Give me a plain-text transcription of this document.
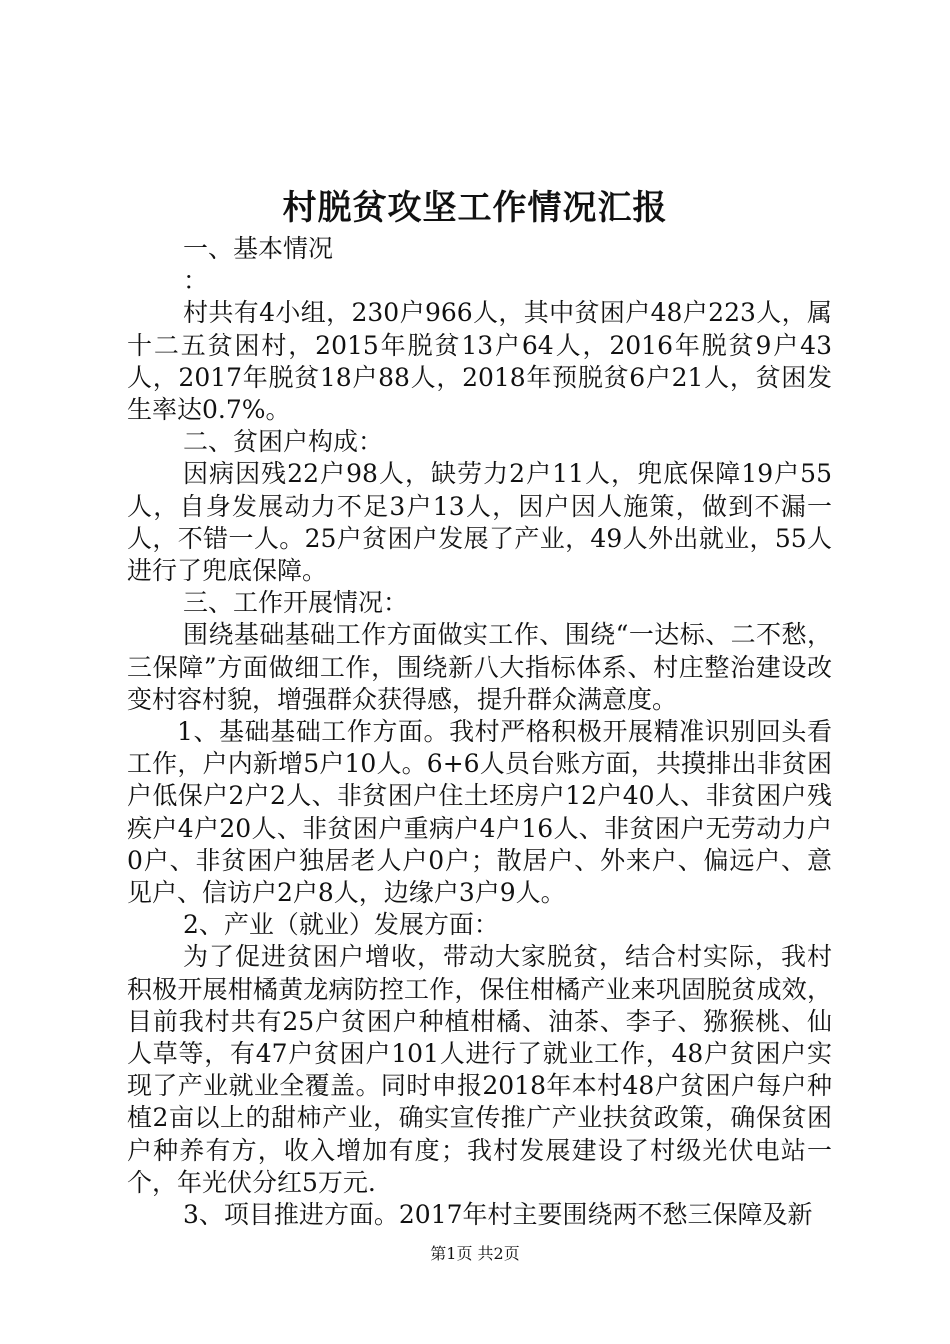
村脱贫攻坚工作情况汇报

一、基本情况

：

村共有4小组，230户966人，其中贫困户48户223人，属十二五贫困村，2015年脱贫13户64人，2016年脱贫9户43人，2017年脱贫18户88人，2018年预脱贫6户21人，贫困发生率达0.7%。

二、贫困户构成：

因病因残22户98人，缺劳力2户11人，兜底保障19户55人，自身发展动力不足3户13人，因户因人施策，做到不漏一人，不错一人。25户贫困户发展了产业，49人外出就业，55人进行了兜底保障。

三、工作开展情况：

围绕基础基础工作方面做实工作、围绕“一达标、二不愁，三保障”方面做细工作，围绕新八大指标体系、村庄整治建设改变村容村貌，增强群众获得感，提升群众满意度。

1、基础基础工作方面。我村严格积极开展精准识别回头看工作，户内新增5户10人。6+6人员台账方面，共摸排出非贫困户低保户2户2人、非贫困户住土坯房户12户40人、非贫困户残疾户4户20人、非贫困户重病户4户16人、非贫困户无劳动力户0户、非贫困户独居老人户0户；散居户、外来户、偏远户、意见户、信访户2户8人，边缘户3户9人。

2、产业（就业）发展方面：

为了促进贫困户增收，带动大家脱贫，结合村实际，我村积极开展柑橘黄龙病防控工作，保住柑橘产业来巩固脱贫成效，目前我村共有25户贫困户种植柑橘、油茶、李子、猕猴桃、仙人草等，有47户贫困户101人进行了就业工作，48户贫困户实现了产业就业全覆盖。同时申报2018年本村48户贫困户每户种植2亩以上的甜柿产业，确实宣传推广产业扶贫政策，确保贫困户种养有方，收入增加有度；我村发展建设了村级光伏电站一个，年光伏分红5万元.

3、项目推进方面。2017年村主要围绕两不愁三保障及新

第1页 共2页
